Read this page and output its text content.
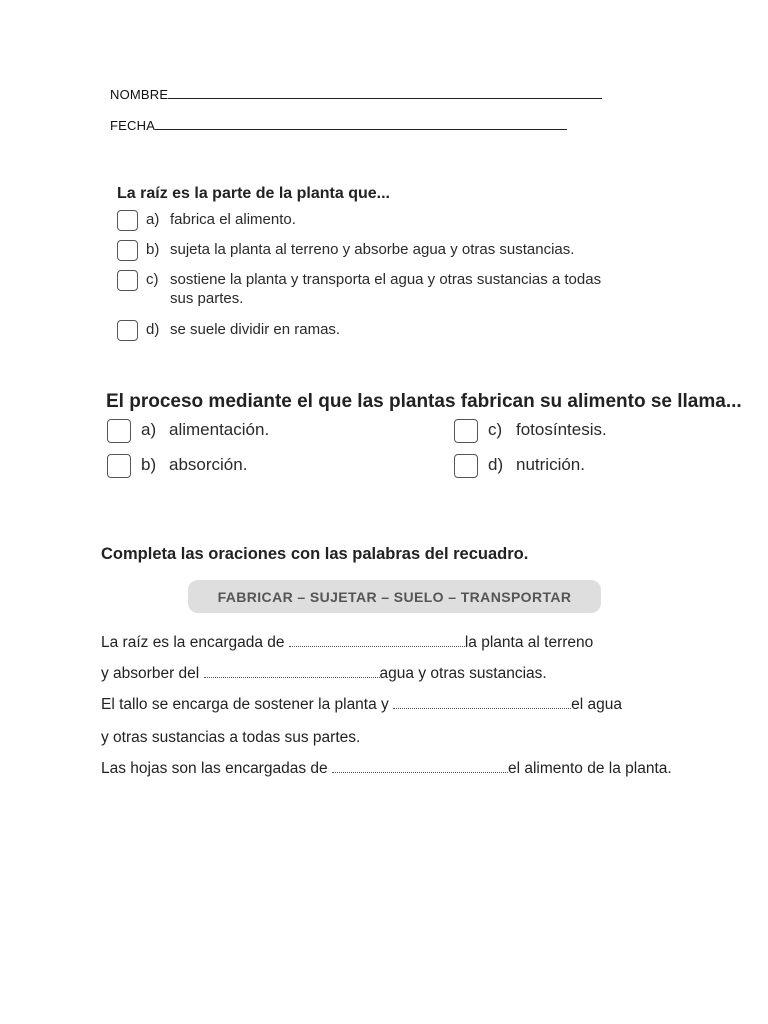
NOMBRE
FECHA
La raíz es la parte de la planta que...
a) fabrica el alimento.
b) sujeta la planta al terreno y absorbe agua y otras sustancias.
c) sostiene la planta y transporta el agua y otras sustancias a todas
sus partes.
d) se suele dividir en ramas.
El proceso mediante el que las plantas fabrican su alimento se llama...
a) alimentación.
b) absorción.
c) fotosíntesis.
d) nutrición.
Completa las oraciones con las palabras del recuadro.
FABRICAR – SUJETAR – SUELO – TRANSPORTAR
La raíz es la encargada de	la planta al terreno
y absorber del	agua y otras sustancias.
El tallo se encarga de sostener la planta y	el agua
y otras sustancias a todas sus partes.
Las hojas son las encargadas de	el alimento de la planta.
